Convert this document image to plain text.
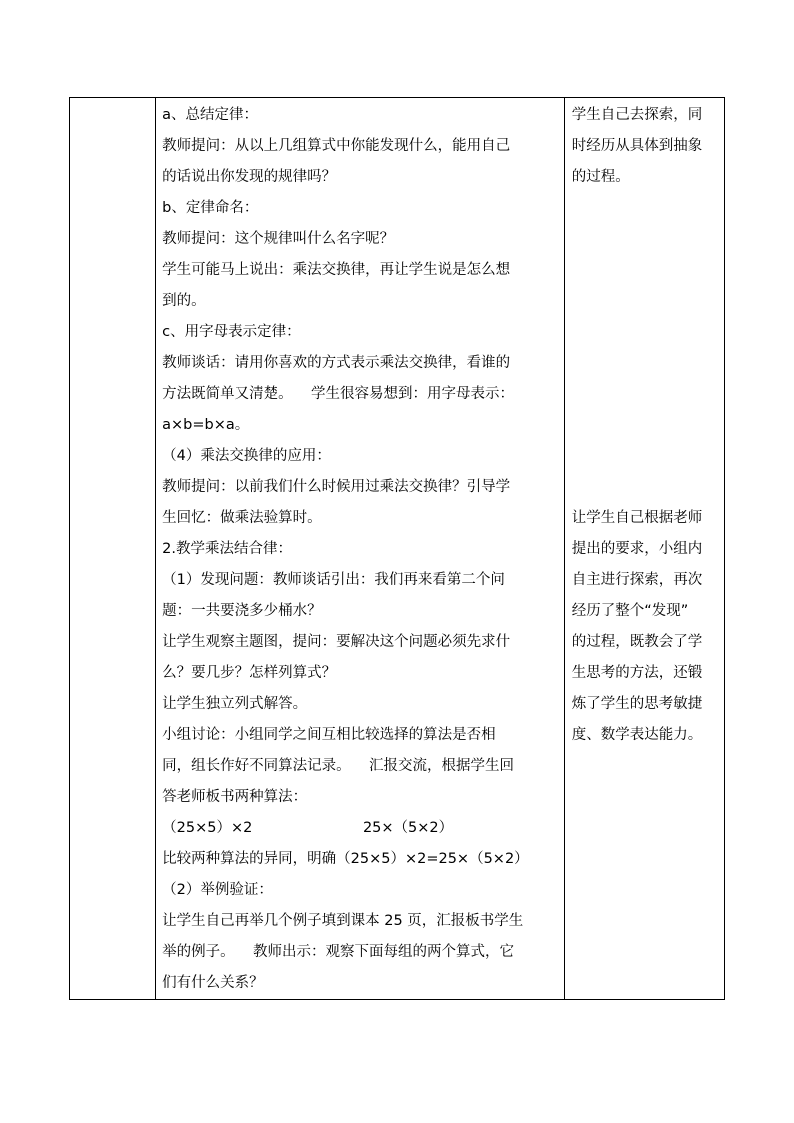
a、总结定律：
教师提问：从以上几组算式中你能发现什么，能用自己
的话说出你发现的规律吗？
b、定律命名：
教师提问：这个规律叫什么名字呢？
学生可能马上说出：乘法交换律，再让学生说是怎么想
到的。
c、用字母表示定律：
教师谈话：请用你喜欢的方式表示乘法交换律，看谁的
方法既简单又清楚。    学生很容易想到：用字母表示：
a×b=b×a。
（4）乘法交换律的应用：
教师提问：以前我们什么时候用过乘法交换律？引导学
生回忆：做乘法验算时。
2.教学乘法结合律：
（1）发现问题：教师谈话引出：我们再来看第二个问
题：一共要浇多少桶水？
让学生观察主题图，提问：要解决这个问题必须先求什
么？要几步？怎样列算式？
让学生独立列式解答。
小组讨论：小组同学之间互相比较选择的算法是否相
同，组长作好不同算法记录。    汇报交流，根据学生回
答老师板书两种算法：
（25×5）×2                        25×（5×2）
比较两种算法的异同，明确（25×5）×2=25×（5×2）
（2）举例验证：
让学生自己再举几个例子填到课本 25 页，汇报板书学生
举的例子。    教师出示：观察下面每组的两个算式，它
们有什么关系？

学生自己去探索，同
时经历从具体到抽象
的过程。
让学生自己根据老师
提出的要求，小组内
自主进行探索，再次
经历了整个“发现”
的过程，既教会了学
生思考的方法，还锻
炼了学生的思考敏捷
度、数学表达能力。
